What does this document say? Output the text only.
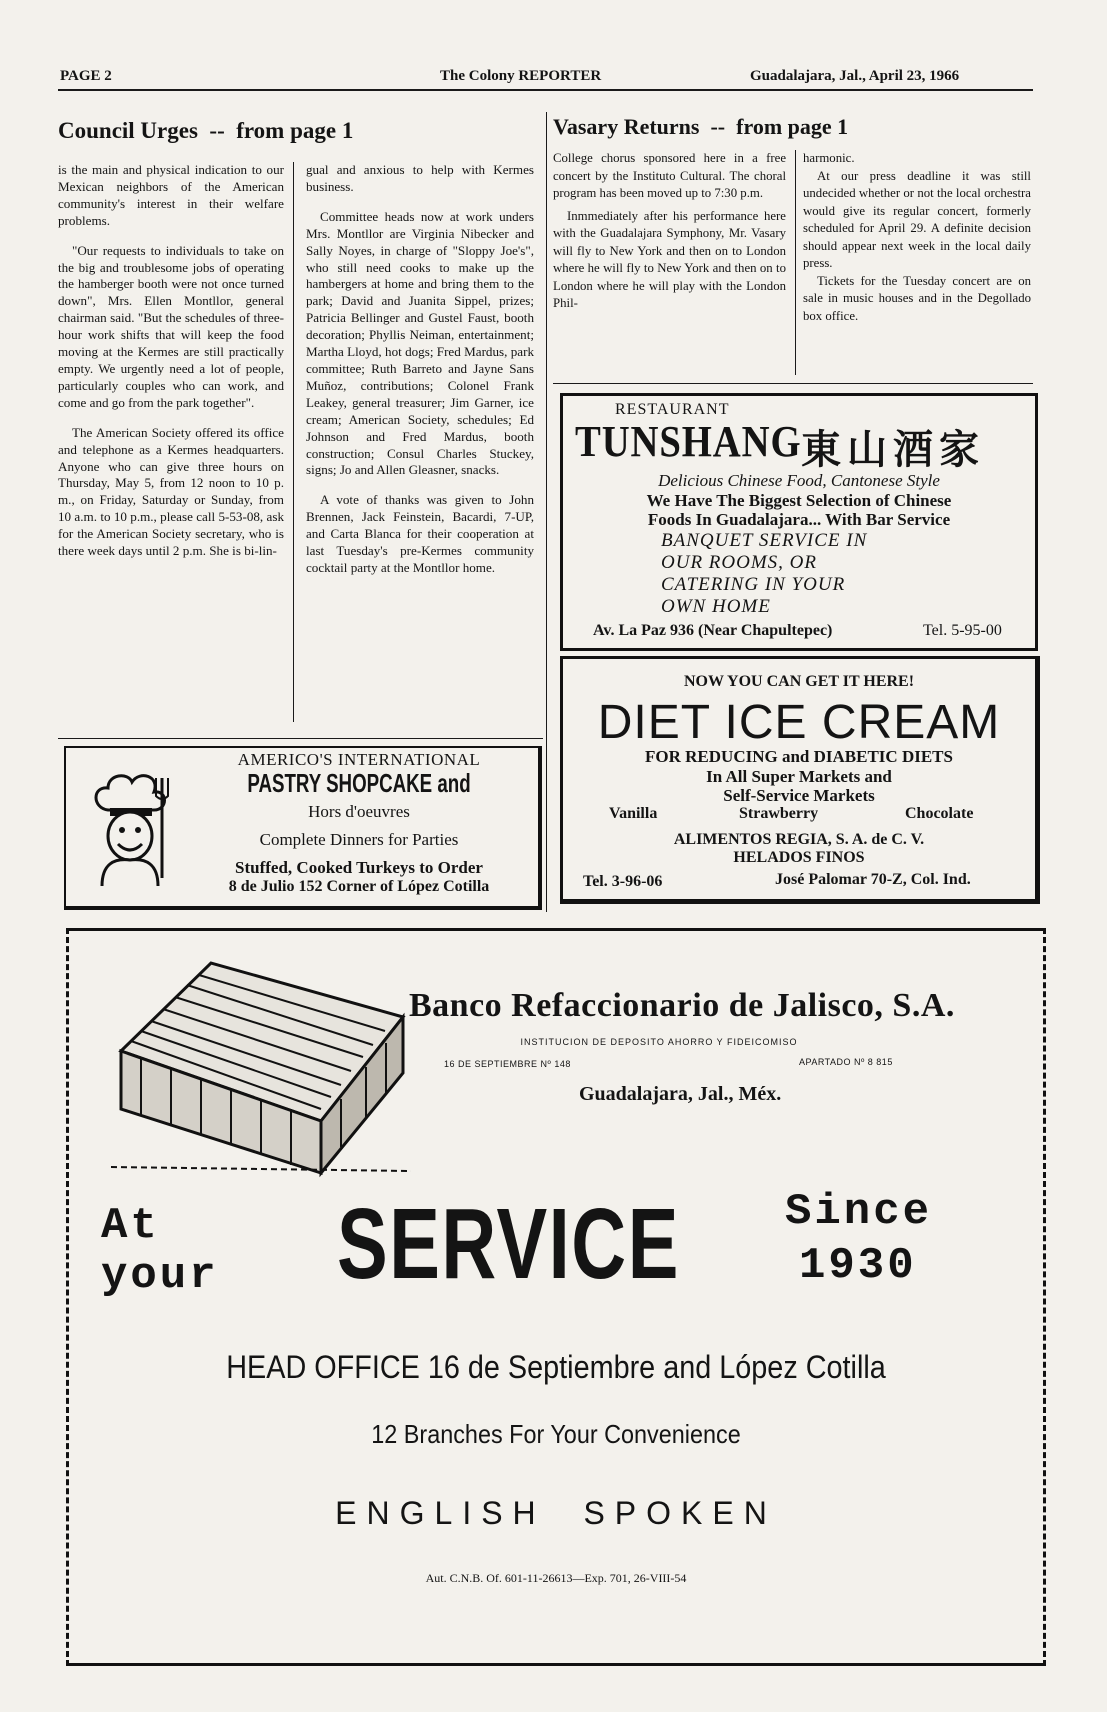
PAGE 2	The Colony REPORTER	Guadalajara, Jal., April 23, 1966
Council Urges  --  from page 1

is the main and physical indication to our Mexican neighbors of the American community's interest in their welfare problems.

"Our requests to individuals to take on the big and troublesome jobs of operating the hamberger booth were not once turned down", Mrs. Ellen Montllor, general chairman said. "But the schedules of three-hour work shifts that will keep the food moving at the Kermes are still practically empty. We urgently need a lot of people, particularly couples who can work, and come and go from the park together".

The American Society offered its office and telephone as a Kermes headquarters. Anyone who can give three hours on Thursday, May 5, from 12 noon to 10 p. m., on Friday, Saturday or Sunday, from 10 a.m. to 10 p.m., please call 5-53-08, ask for the American Society secretary, who is there week days until 2 p.m. She is bi-lin-

gual and anxious to help with Kermes business.

Committee heads now at work unders Mrs. Montllor are Virginia Nibecker and Sally Noyes, in charge of "Sloppy Joe's", who still need cooks to make up the hambergers at home and bring them to the park; David and Juanita Sippel, prizes; Patricia Bellinger and Gustel Faust, booth decoration; Phyllis Neiman, entertainment; Martha Lloyd, hot dogs; Fred Mardus, park committee; Ruth Barreto and Jayne Sans Muñoz, contributions; Colonel Frank Leakey, general treasurer; Jim Garner, ice cream; American Society, schedules; Ed Johnson and Fred Mardus, booth construction; Consul Charles Stuckey, signs; Jo and Allen Gleasner, snacks.

A vote of thanks was given to John Brennen, Jack Feinstein, Bacardi, 7-UP, and Carta Blanca for their cooperation at last Tuesday's pre-Kermes community cocktail party at the Montllor home.

Vasary Returns  --  from page 1

College chorus sponsored here in a free concert by the Instituto Cultural. The choral program has been moved up to 7:30 p.m.

Inmmediately after his performance here with the Guadalajara Symphony, Mr. Vasary will fly to New York and then on to London where he will fly to New York and then on to London where he will play with the London Phil-

harmonic.

At our press deadline it was still undecided whether or not the local orchestra would give its regular concert, formerly scheduled for April 29. A definite decision should appear next week in the local daily press.

Tickets for the Tuesday concert are on sale in music houses and in the Degollado box office.

RESTAURANT
TUNSHANG 東山酒家
Delicious Chinese Food, Cantonese Style
We Have The Biggest Selection of Chinese
Foods In Guadalajara... With Bar Service
BANQUET SERVICE IN
OUR ROOMS, OR
CATERING IN YOUR
OWN HOME
Av. La Paz 936 (Near Chapultepec)	Tel. 5-95-00
NOW YOU CAN GET IT HERE!
DIET ICE CREAM
FOR REDUCING and DIABETIC DIETS
In All Super Markets and
Self-Service Markets
Vanilla	Strawberry	Chocolate
ALIMENTOS REGIA, S. A. de C. V.
HELADOS FINOS
Tel. 3-96-06	José Palomar 70-Z, Col. Ind.
AMERICO'S INTERNATIONAL
PASTRY SHOPCAKE and
Hors d'oeuvres
Complete Dinners for Parties
Stuffed, Cooked Turkeys to Order
8 de Julio 152 Corner of López Cotilla
Banco Refaccionario de Jalisco, S.A.
INSTITUCION DE DEPOSITO AHORRO Y FIDEICOMISO
16 DE SEPTIEMBRE Nº 148	APARTADO Nº 8 815
Guadalajara, Jal., Méx.
At
your SERVICE Since
1930
HEAD OFFICE 16 de Septiembre and López Cotilla
12 Branches For Your Convenience
ENGLISH  SPOKEN
Aut. C.N.B. Of. 601-11-26613—Exp. 701, 26-VIII-54
